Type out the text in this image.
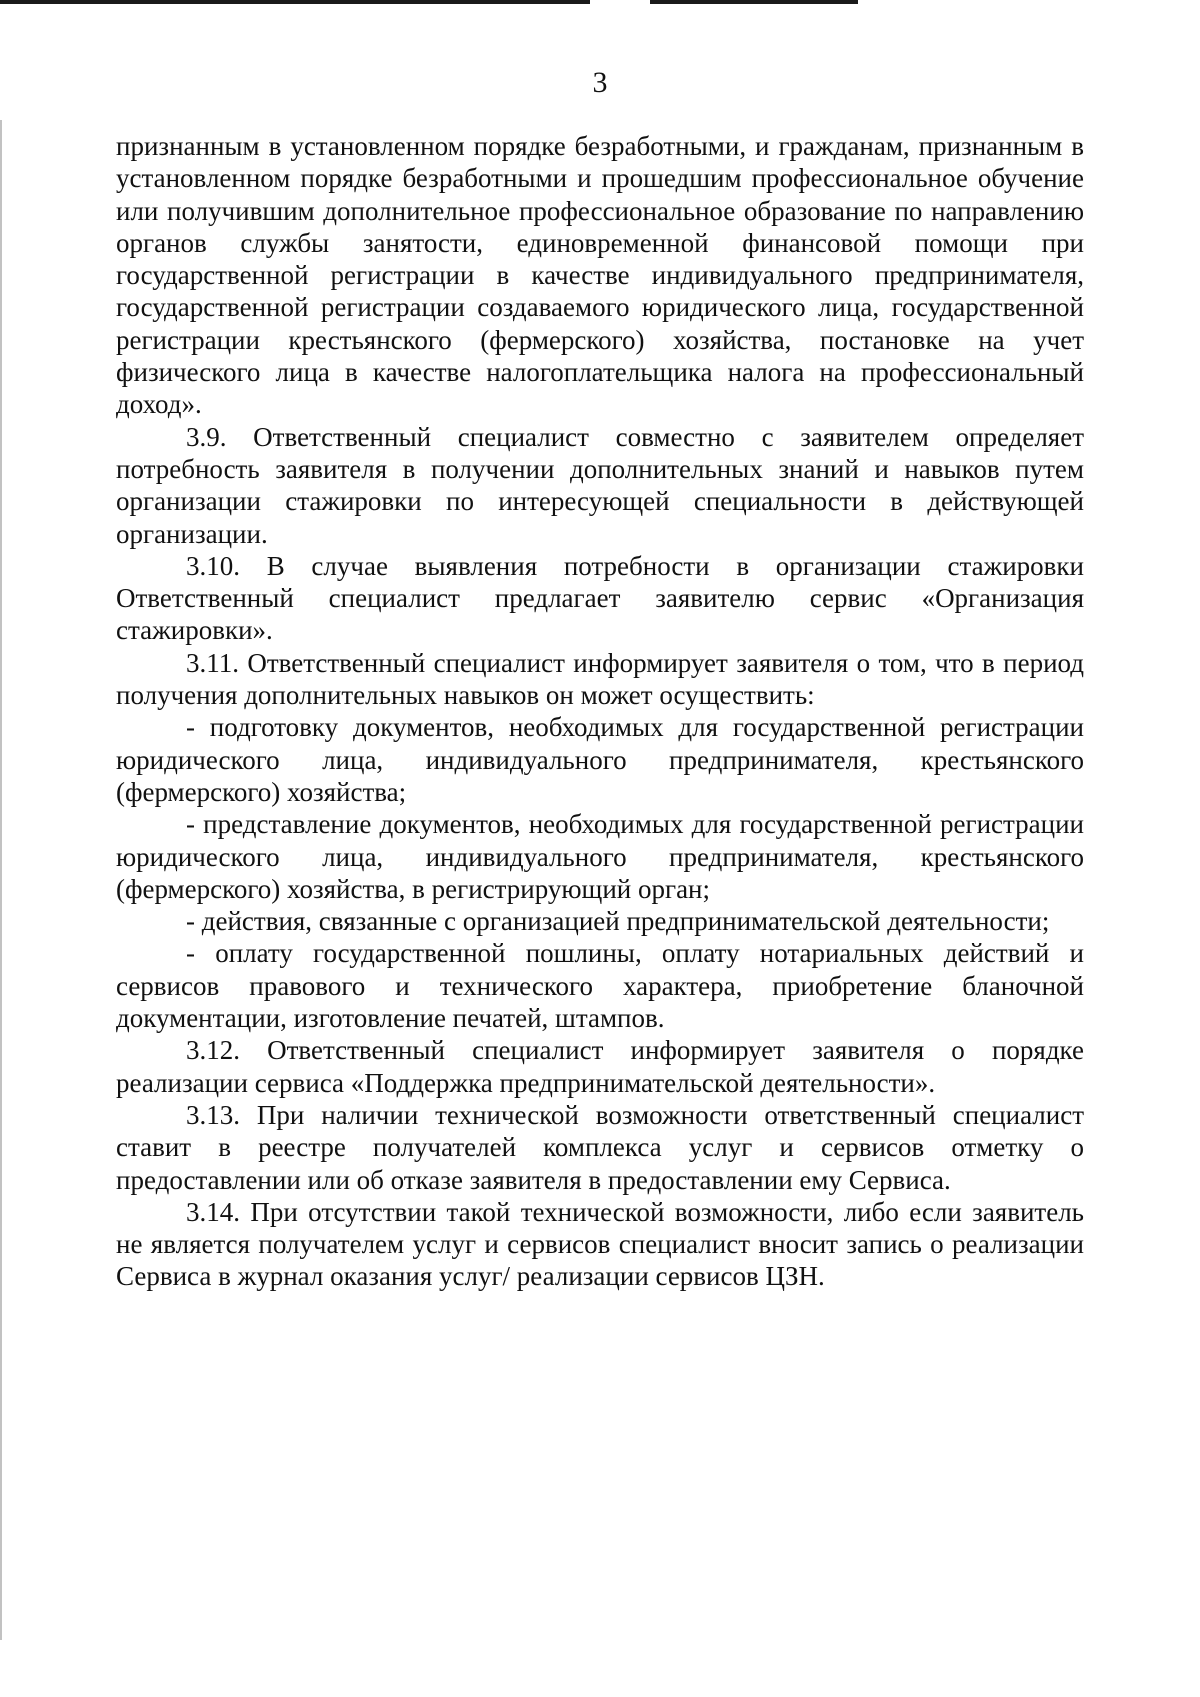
3

признанным в установленном порядке безработными, и гражданам, признанным в установленном порядке безработными и прошедшим профессиональное обучение или получившим дополнительное профессиональное образование по направлению органов службы занятости, единовременной финансовой помощи при государственной регистрации в качестве индивидуального предпринимателя, государственной регистрации создаваемого юридического лица, государственной регистрации крестьянского (фермерского) хозяйства, постановке на учет физического лица в качестве налогоплательщика налога на профессиональный доход».

3.9. Ответственный специалист совместно с заявителем определяет потребность заявителя в получении дополнительных знаний и навыков путем организации стажировки по интересующей специальности в действующей организации.

3.10. В случае выявления потребности в организации стажировки Ответственный специалист предлагает заявителю сервис «Организация стажировки».

3.11. Ответственный специалист информирует заявителя о том, что в период получения дополнительных навыков он может осуществить:

- подготовку документов, необходимых для государственной регистрации юридического лица, индивидуального предпринимателя, крестьянского (фермерского) хозяйства;

- представление документов, необходимых для государственной регистрации юридического лица, индивидуального предпринимателя, крестьянского (фермерского) хозяйства, в регистрирующий орган;

- действия, связанные с организацией предпринимательской деятельности;

- оплату государственной пошлины, оплату нотариальных действий и сервисов правового и технического характера, приобретение бланочной документации, изготовление печатей, штампов.

3.12. Ответственный специалист информирует заявителя о порядке реализации сервиса «Поддержка предпринимательской деятельности».

3.13. При наличии технической возможности ответственный специалист ставит в реестре получателей комплекса услуг и сервисов отметку о предоставлении или об отказе заявителя в предоставлении ему Сервиса.

3.14. При отсутствии такой технической возможности, либо если заявитель не является получателем услуг и сервисов специалист вносит запись о реализации Сервиса в журнал оказания услуг/ реализации сервисов ЦЗН.
